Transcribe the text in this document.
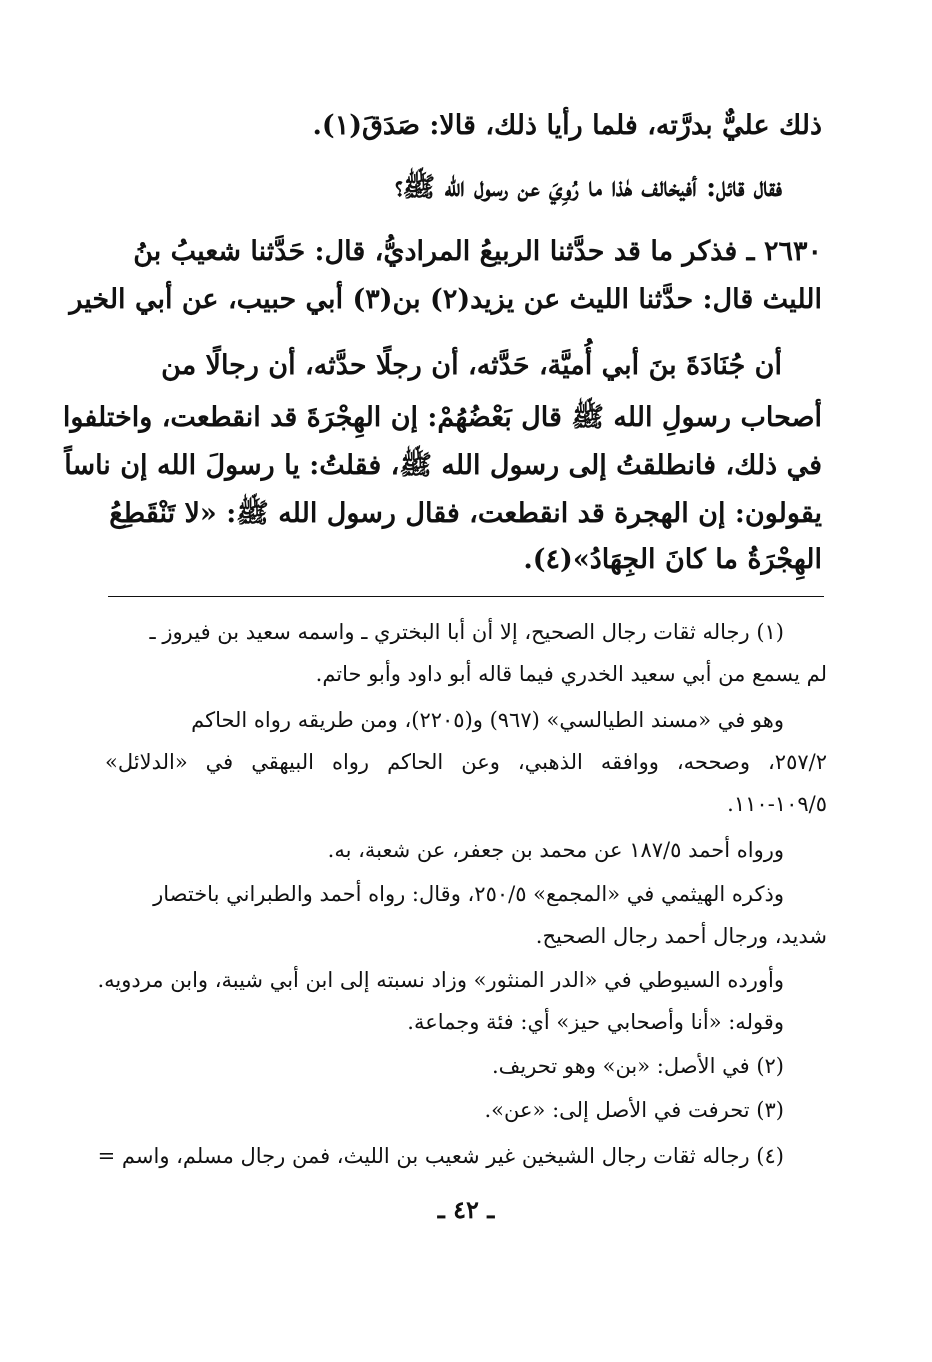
ذلك عليٌّ بدرَّته، فلما رأيا ذلك، قالا: صَدَقَ(١).
فقال قائل: أفيخالف هٰذا ما رُوِيَ عن رسول الله ﷺ؟
٢٦٣٠ ـ فذكر ما قد حدَّثنا الربيعُ المراديُّ، قال: حَدَّثنا شعيبُ بنُ
الليث قال: حدَّثنا الليث عن يزيد(٢) بن(٣) أبي حبيب، عن أبي الخير
أن جُنَادَةَ بنَ أبي أُميَّة، حَدَّثه، أن رجلًا حدَّثه، أن رجالًا من
أصحاب رسولِ الله ﷺ قال بَعْضُهُمْ: إن الهِجْرَةَ قد انقطعت، واختلفوا
في ذلك، فانطلقتُ إلى رسول الله ﷺ، فقلتُ: يا رسولَ الله إن ناساً
يقولون: إن الهجرة قد انقطعت، فقال رسول الله ﷺ: «لا تَنْقَطِعُ
الهِجْرَةُ ما كانَ الجِهَادُ»(٤).
(١) رجاله ثقات رجال الصحيح، إلا أن أبا البختري ـ واسمه سعيد بن فيروز ـ
لم يسمع من أبي سعيد الخدري فيما قاله أبو داود وأبو حاتم.
وهو في «مسند الطيالسي» (٩٦٧) و(٢٢٠٥)، ومن طريقه رواه الحاكم
٢٥٧/٢، وصححه، ووافقه الذهبي، وعن الحاكم رواه البيهقي في «الدلائل»
١٠٩/٥-١١٠.
ورواه أحمد ١٨٧/٥ عن محمد بن جعفر، عن شعبة، به.
وذكره الهيثمي في «المجمع» ٢٥٠/٥، وقال: رواه أحمد والطبراني باختصار
شديد، ورجال أحمد رجال الصحيح.
وأورده السيوطي في «الدر المنثور» وزاد نسبته إلى ابن أبي شيبة، وابن مردويه.
وقوله: «أنا وأصحابي حيز» أي: فئة وجماعة.
(٢) في الأصل: «بن» وهو تحريف.
(٣) تحرفت في الأصل إلى: «عن».
(٤) رجاله ثقات رجال الشيخين غير شعيب بن الليث، فمن رجال مسلم، واسم =
ـ ٤٢ ـ
